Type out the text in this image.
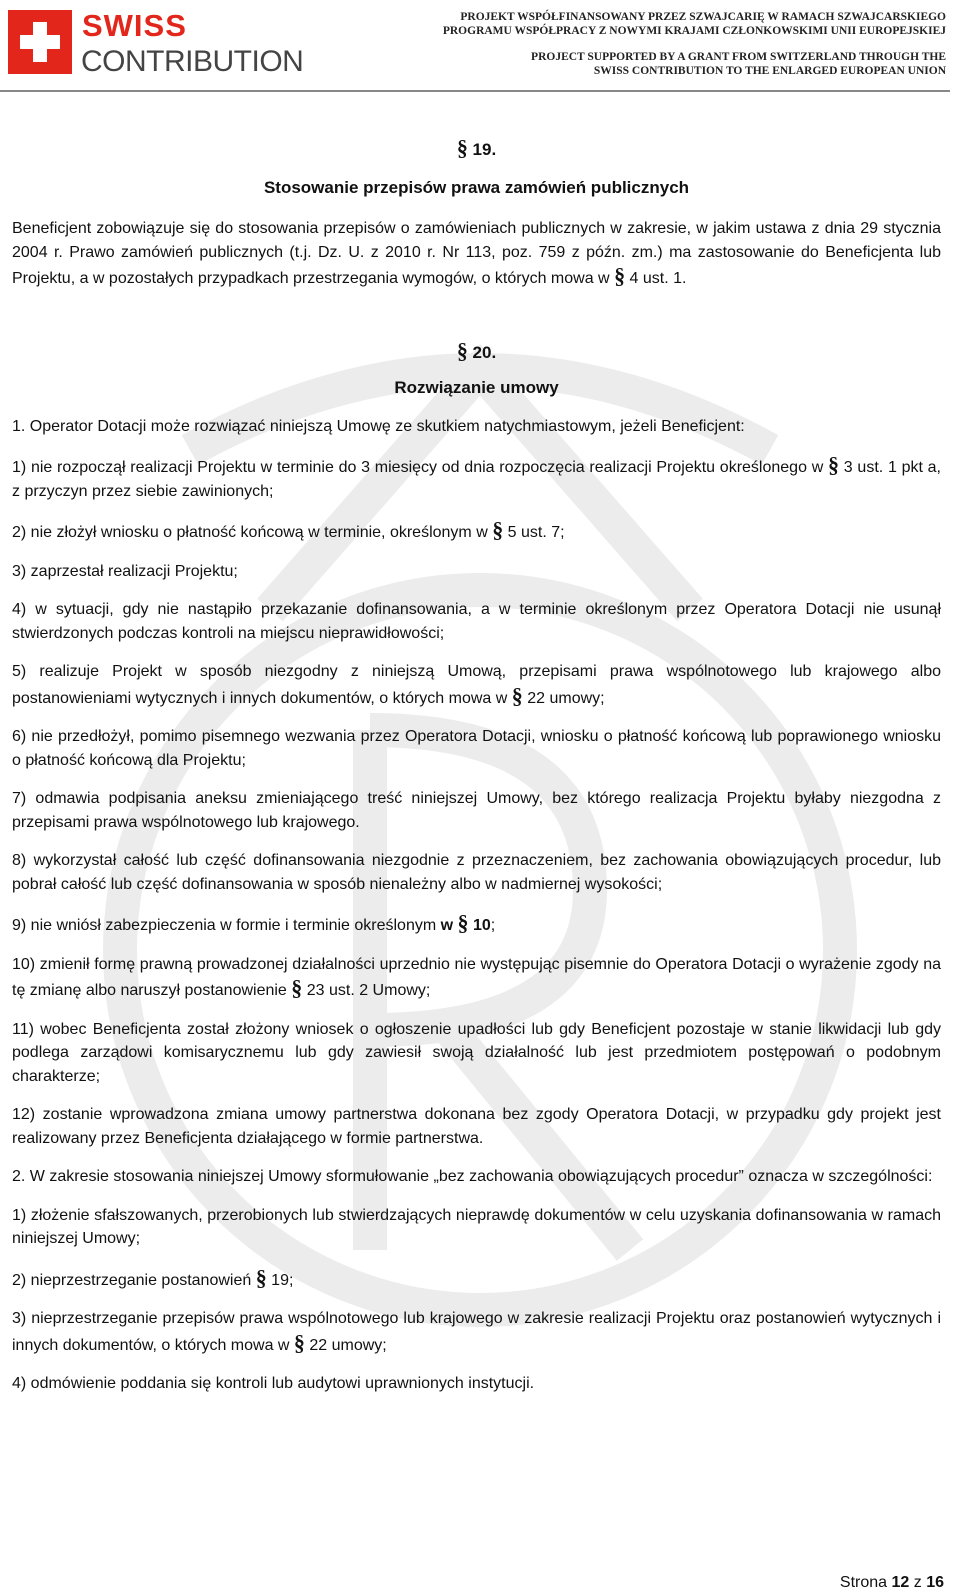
SWISS
CONTRIBUTION
PROJEKT WSPÓŁFINANSOWANY PRZEZ SZWAJCARIĘ W RAMACH SZWAJCARSKIEGO
PROGRAMU WSPÓŁPRACY Z NOWYMI KRAJAMI CZŁONKOWSKIMI UNII EUROPEJSKIEJ
PROJECT SUPPORTED BY A GRANT FROM SWITZERLAND THROUGH THE
SWISS CONTRIBUTION TO THE ENLARGED EUROPEAN UNION
§ 19.
Stosowanie przepisów prawa zamówień publicznych

Beneficjent zobowiązuje się do stosowania przepisów o zamówieniach publicznych w zakresie, w jakim ustawa z dnia 29 stycznia 2004 r. Prawo zamówień publicznych (t.j. Dz. U. z 2010 r. Nr 113, poz. 759 z późn. zm.) ma zastosowanie do Beneficjenta lub Projektu, a w pozostałych przypadkach przestrzegania wymogów, o których mowa w § 4 ust. 1.

§ 20.
Rozwiązanie umowy

1. Operator Dotacji może rozwiązać niniejszą Umowę ze skutkiem natychmiastowym, jeżeli Beneficjent:

1) nie rozpoczął realizacji Projektu w terminie do 3 miesięcy od dnia rozpoczęcia realizacji Projektu określonego w § 3 ust. 1 pkt a, z przyczyn przez siebie zawinionych;

2) nie złożył wniosku o płatność końcową w terminie, określonym w § 5 ust. 7;

3) zaprzestał realizacji Projektu;

4) w sytuacji, gdy nie nastąpiło przekazanie dofinansowania, a w terminie określonym przez Operatora Dotacji nie usunął stwierdzonych podczas kontroli na miejscu nieprawidłowości;

5) realizuje Projekt w sposób niezgodny z niniejszą Umową, przepisami prawa wspólnotowego lub krajowego albo postanowieniami wytycznych i innych dokumentów, o których mowa w § 22 umowy;

6) nie przedłożył, pomimo pisemnego wezwania przez Operatora Dotacji, wniosku o płatność końcową lub poprawionego wniosku o płatność końcową dla Projektu;

7) odmawia podpisania aneksu zmieniającego treść niniejszej Umowy, bez którego realizacja Projektu byłaby niezgodna z przepisami prawa wspólnotowego lub krajowego.

8) wykorzystał całość lub część dofinansowania niezgodnie z przeznaczeniem, bez zachowania obowiązujących procedur, lub pobrał całość lub część dofinansowania w sposób nienależny albo w nadmiernej wysokości;

9) nie wniósł zabezpieczenia w formie i terminie określonym w § 10;

10) zmienił formę prawną prowadzonej działalności uprzednio nie występując pisemnie do Operatora Dotacji o wyrażenie zgody na tę zmianę albo naruszył postanowienie § 23 ust. 2 Umowy;

11) wobec Beneficjenta został złożony wniosek o ogłoszenie upadłości lub gdy Beneficjent pozostaje w stanie likwidacji lub gdy podlega zarządowi komisarycznemu lub gdy zawiesił swoją działalność lub jest przedmiotem postępowań o podobnym charakterze;

12) zostanie wprowadzona zmiana umowy partnerstwa dokonana bez zgody Operatora Dotacji, w przypadku gdy projekt jest realizowany przez Beneficjenta działającego w formie partnerstwa.

2. W zakresie stosowania niniejszej Umowy sformułowanie „bez zachowania obowiązujących procedur” oznacza w szczególności:

1) złożenie sfałszowanych, przerobionych lub stwierdzających nieprawdę dokumentów w celu uzyskania dofinansowania w ramach niniejszej Umowy;

2) nieprzestrzeganie postanowień § 19;

3) nieprzestrzeganie przepisów prawa wspólnotowego lub krajowego w zakresie realizacji Projektu oraz postanowień wytycznych i innych dokumentów, o których mowa w § 22 umowy;

4) odmówienie poddania się kontroli lub audytowi uprawnionych instytucji.

Strona 12 z 16
